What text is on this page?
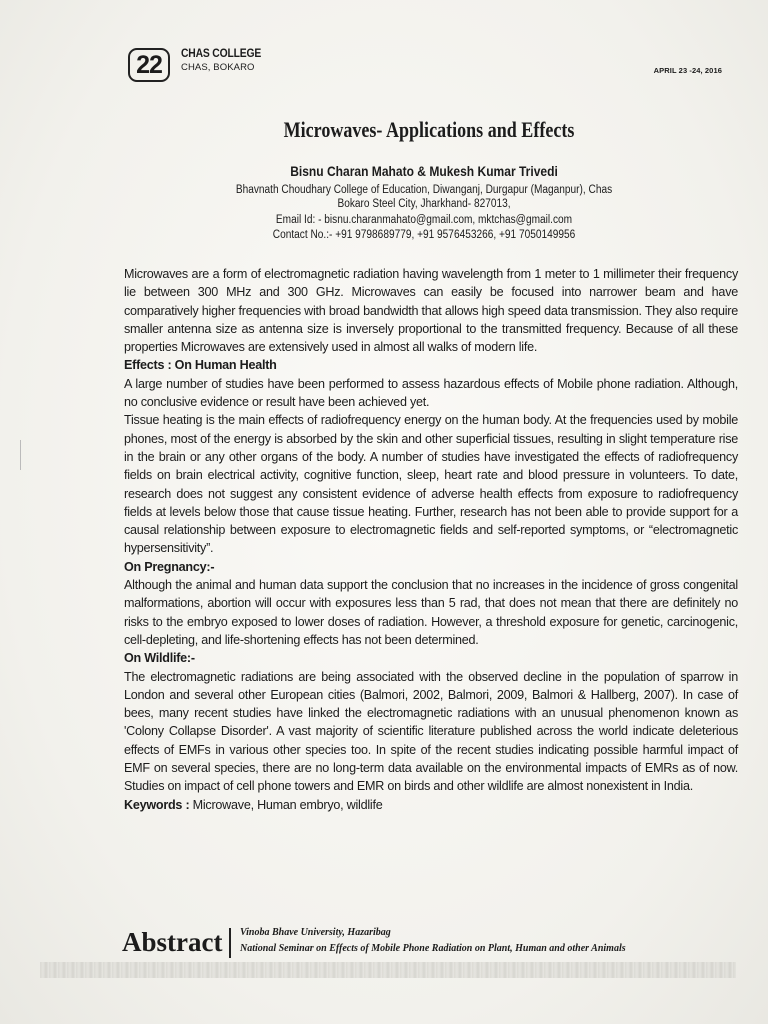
22	CHAS COLLEGE
CHAS, BOKARO	APRIL 23 -24, 2016
Microwaves- Applications and Effects
Bisnu Charan Mahato & Mukesh Kumar Trivedi
Bhavnath Choudhary College of Education, Diwanganj, Durgapur (Maganpur), Chas
Bokaro Steel City, Jharkhand- 827013,
Email Id: - bisnu.charanmahato@gmail.com, mktchas@gmail.com
Contact No.:- +91 9798689779, +91 9576453266, +91 7050149956

Microwaves are a form of electromagnetic radiation having wavelength from 1 meter to 1 millimeter their frequency lie between 300 MHz and 300 GHz. Microwaves can easily be focused into narrower beam and have comparatively higher frequencies with broad bandwidth that allows high speed data transmission. They also require smaller antenna size as antenna size is inversely proportional to the transmitted frequency. Because of all these properties Microwaves are extensively used in almost all walks of modern life.

Effects : On Human Health

A large number of studies have been performed to assess hazardous effects of Mobile phone radiation. Although, no conclusive evidence or result have been achieved yet.

Tissue heating is the main effects of radiofrequency energy on the human body. At the frequencies used by mobile phones, most of the energy is absorbed by the skin and other superficial tissues, resulting in slight temperature rise in the brain or any other organs of the body. A number of studies have investigated the effects of radiofrequency fields on brain electrical activity, cognitive function, sleep, heart rate and blood pressure in volunteers. To date, research does not suggest any consistent evidence of adverse health effects from exposure to radiofrequency fields at levels below those that cause tissue heating. Further, research has not been able to provide support for a causal relationship between exposure to electromagnetic fields and self-reported symptoms, or “electromagnetic hypersensitivity”.

On Pregnancy:-

Although the animal and human data support the conclusion that no increases in the incidence of gross congenital malformations, abortion will occur with exposures less than 5 rad, that does not mean that there are definitely no risks to the embryo exposed to lower doses of radiation. However, a threshold exposure for genetic, carcinogenic, cell-depleting, and life-shortening effects has not been determined.

On Wildlife:-

The electromagnetic radiations are being associated with the observed decline in the population of sparrow in London and several other European cities (Balmori, 2002, Balmori, 2009, Balmori & Hallberg, 2007). In case of bees, many recent studies have linked the electromagnetic radiations with an unusual phenomenon known as 'Colony Collapse Disorder'. A vast majority of scientific literature published across the world indicate deleterious effects of EMFs in various other species too. In spite of the recent studies indicating possible harmful impact of EMF on several species, there are no long-term data available on the environmental impacts of EMRs as of now. Studies on impact of cell phone towers and EMR on birds and other wildlife are almost nonexistent in India.

Keywords : Microwave, Human embryo, wildlife

Abstract Vinoba Bhave University, Hazaribag
National Seminar on Effects of Mobile Phone Radiation on Plant, Human and other Animals
